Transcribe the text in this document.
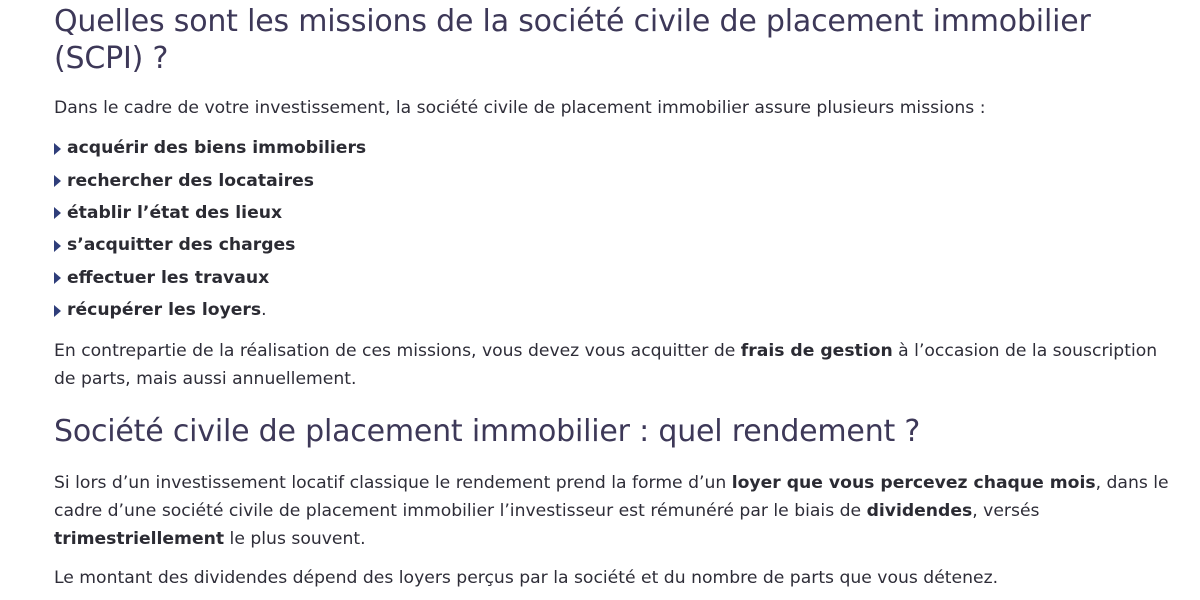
Quelles sont les missions de la société civile de placement immobilier (SCPI) ?

Dans le cadre de votre investissement, la société civile de placement immobilier assure plusieurs missions :

acquérir des biens immobiliers
rechercher des locataires
établir l’état des lieux
s’acquitter des charges
effectuer les travaux
récupérer les loyers .

En contrepartie de la réalisation de ces missions, vous devez vous acquitter de frais de gestion à l’occasion de la souscription de parts, mais aussi annuellement.

Société civile de placement immobilier : quel rendement ?

Si lors d’un investissement locatif classique le rendement prend la forme d’un loyer que vous percevez chaque mois, dans le cadre d’une société civile de placement immobilier l’investisseur est rémunéré par le biais de dividendes, versés trimestriellement le plus souvent.

Le montant des dividendes dépend des loyers perçus par la société et du nombre de parts que vous détenez.
